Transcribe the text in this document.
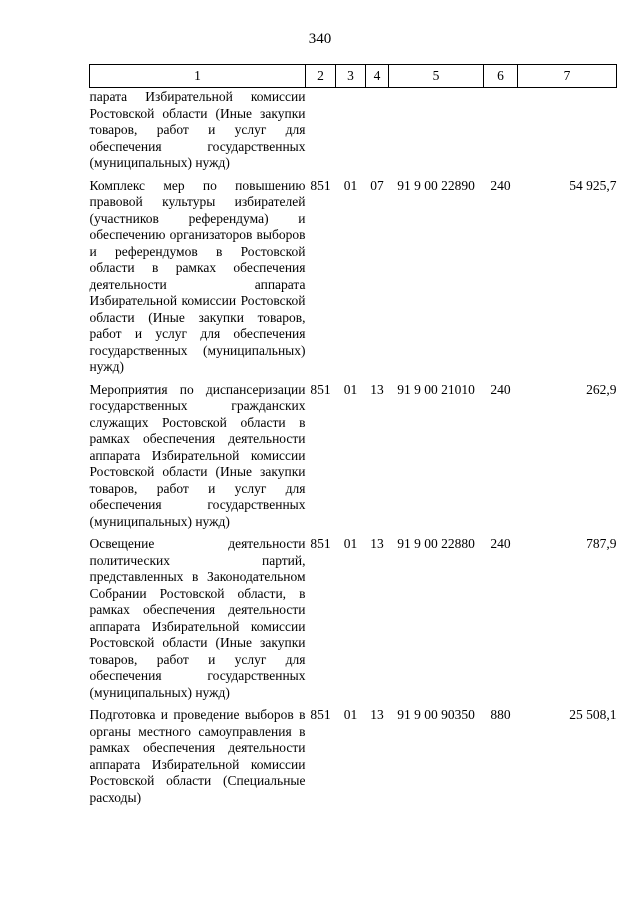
340
1	2	3	4	5	6	7
парата Избирательной комиссии Ростовской области (Иные закупки товаров, работ и услуг для обеспечения государственных (муниципальных) нужд)						
Комплекс мер по повышению правовой культуры избирателей (участников референдума) и обеспечению организаторов выборов и референдумов в Ростовской области в рамках обеспечения деятельности аппарата Избирательной комиссии Ростовской области (Иные закупки товаров, работ и услуг для обеспечения государственных (муниципальных) нужд)	851	01	07	91 9 00 22890	240	54 925,7
Мероприятия по диспансеризации государственных гражданских служащих Ростовской области в рамках обеспечения деятельности аппарата Избирательной комиссии Ростовской области (Иные закупки товаров, работ и услуг для обеспечения государственных (муниципальных) нужд)	851	01	13	91 9 00 21010	240	262,9
Освещение деятельности политических партий, представленных в Законодательном Собрании Ростовской области, в рамках обеспечения деятельности аппарата Избирательной комиссии Ростовской области (Иные закупки товаров, работ и услуг для обеспечения государственных (муниципальных) нужд)	851	01	13	91 9 00 22880	240	787,9
Подготовка и проведение выборов в органы местного самоуправления в рамках обеспечения деятельности аппарата Избирательной комиссии Ростовской области (Специальные расходы)	851	01	13	91 9 00 90350	880	25 508,1
